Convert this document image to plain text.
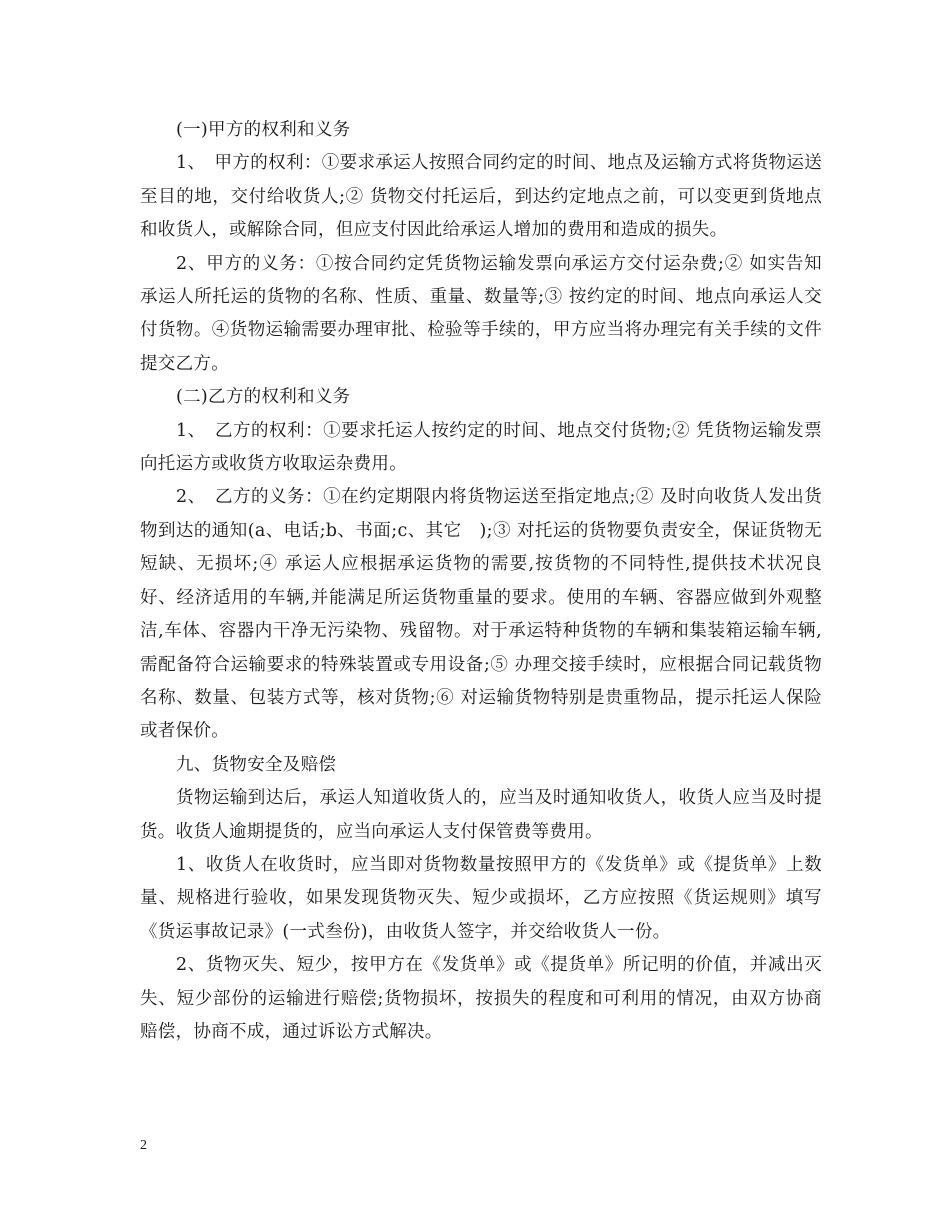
(一)甲方的权利和义务

1、　甲方的权利：①要求承运人按照合同约定的时间、地点及运输方式将货物运送至目的地，交付给收货人;② 货物交付托运后，到达约定地点之前，可以变更到货地点和收货人，或解除合同，但应支付因此给承运人增加的费用和造成的损失。

2、甲方的义务：①按合同约定凭货物运输发票向承运方交付运杂费;② 如实告知承运人所托运的货物的名称、性质、重量、数量等;③ 按约定的时间、地点向承运人交付货物。④货物运输需要办理审批、检验等手续的，甲方应当将办理完有关手续的文件提交乙方。

(二)乙方的权利和义务

1、　乙方的权利：①要求托运人按约定的时间、地点交付货物;② 凭货物运输发票向托运方或收货方收取运杂费用。

2、　乙方的义务：①在约定期限内将货物运送至指定地点;② 及时向收货人发出货物到达的通知(a、电话;b、书面;c、其它　);③ 对托运的货物要负责安全，保证货物无短缺、无损坏;④ 承运人应根据承运货物的需要,按货物的不同特性,提供技术状况良好、经济适用的车辆,并能满足所运货物重量的要求。使用的车辆、容器应做到外观整洁,车体、容器内干净无污染物、残留物。对于承运特种货物的车辆和集装箱运输车辆,需配备符合运输要求的特殊装置或专用设备;⑤ 办理交接手续时，应根据合同记载货物名称、数量、包装方式等，核对货物;⑥ 对运输货物特别是贵重物品，提示托运人保险或者保价。

九、货物安全及赔偿

货物运输到达后，承运人知道收货人的，应当及时通知收货人，收货人应当及时提货。收货人逾期提货的，应当向承运人支付保管费等费用。

1、收货人在收货时，应当即对货物数量按照甲方的《发货单》或《提货单》上数量、规格进行验收，如果发现货物灭失、短少或损坏，乙方应按照《货运规则》填写《货运事故记录》(一式叁份)，由收货人签字，并交给收货人一份。

2、货物灭失、短少，按甲方在《发货单》或《提货单》所记明的价值，并减出灭失、短少部份的运输进行赔偿;货物损坏，按损失的程度和可利用的情况，由双方协商赔偿，协商不成，通过诉讼方式解决。

2
